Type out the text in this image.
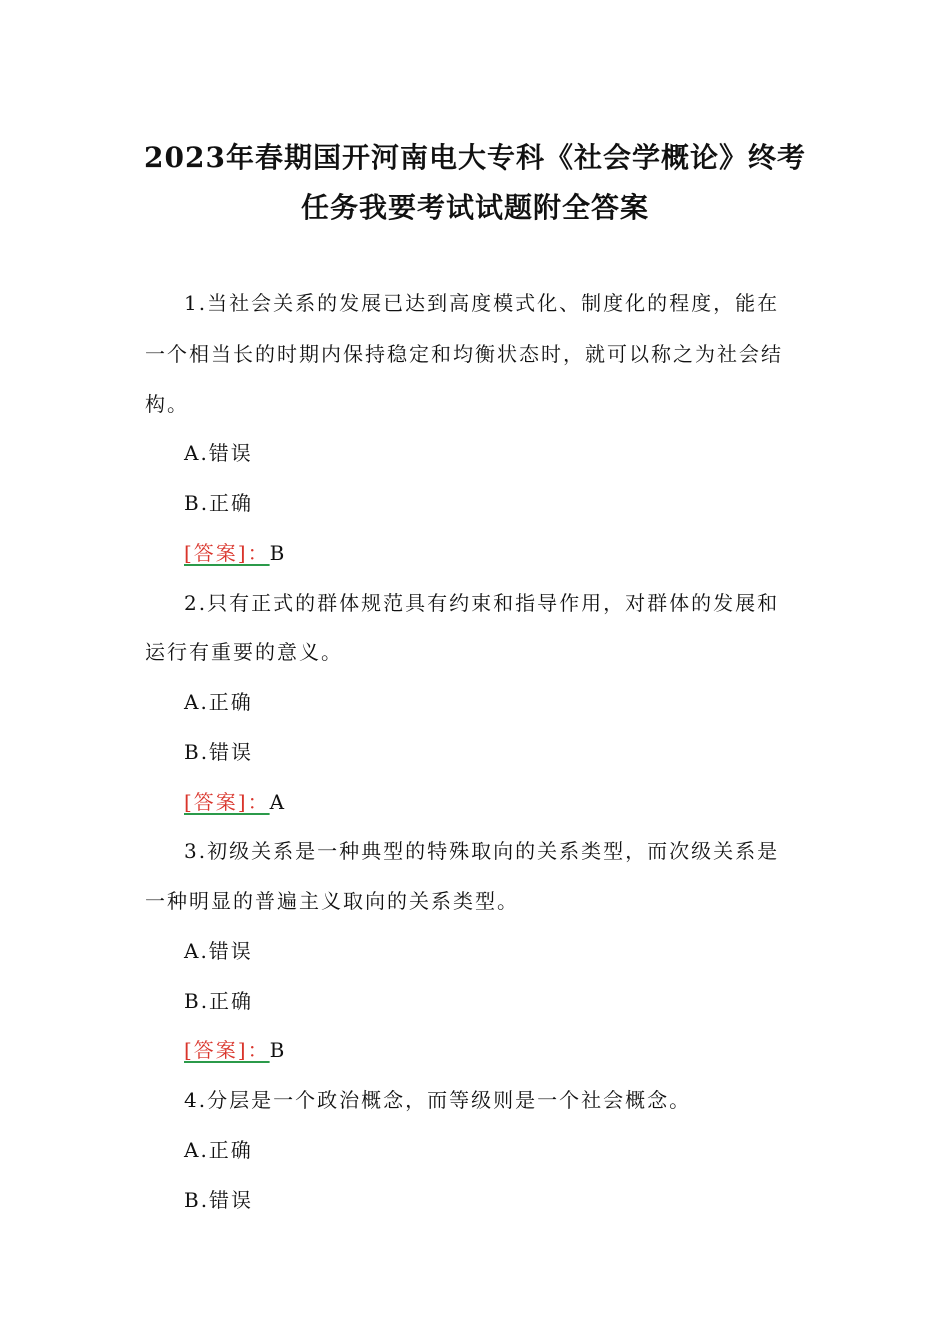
2023年春期国开河南电大专科《社会学概论》终考
任务我要考试试题附全答案
1.当社会关系的发展已达到高度模式化、制度化的程度，能在
一个相当长的时期内保持稳定和均衡状态时，就可以称之为社会结
构。
A.错误
B.正确
[答案]：B
2.只有正式的群体规范具有约束和指导作用，对群体的发展和
运行有重要的意义。
A.正确
B.错误
[答案]：A
3.初级关系是一种典型的特殊取向的关系类型，而次级关系是
一种明显的普遍主义取向的关系类型。
A.错误
B.正确
[答案]：B
4.分层是一个政治概念，而等级则是一个社会概念。
A.正确
B.错误
